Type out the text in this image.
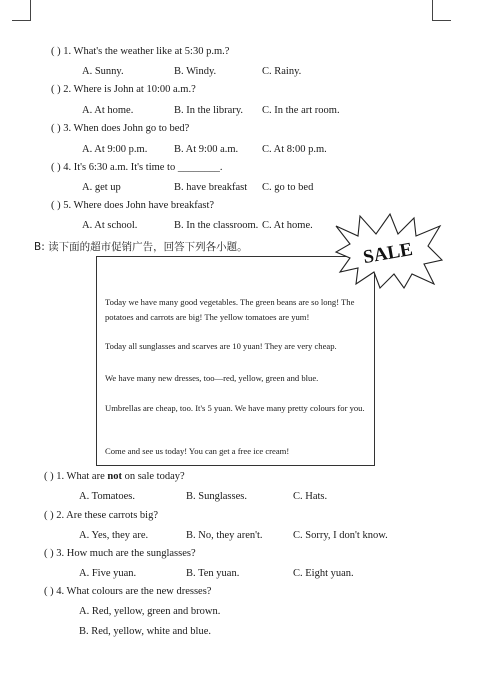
( ) 1. What's the weather like at 5:30 p.m.?
A. Sunny.	B. Windy.	C. Rainy.
( ) 2. Where is John at 10:00 a.m.?
A. At home.	B. In the library. C. In the art room.
( ) 3. When does John go to bed?
A. At 9:00 p.m.	B. At 9:00 a.m. C. At 8:00 p.m.
( ) 4. It's 6:30 a.m. It's time to ________.
A. get up	B. have breakfast C. go to bed
( ) 5. Where does John have breakfast?
A. At school.	B. In the classroom. C. At home.
B: 读下面的超市促销广告，回答下列各小题。
Today we have many good vegetables. The green beans are so long! The potatoes and carrots are big! The yellow tomatoes are yum!
Today all sunglasses and scarves are 10 yuan! They are very cheap.
We have many new dresses, too—red, yellow, green and blue.
Umbrellas are cheap, too. It's 5 yuan. We have many pretty colours for you.
Come and see us today! You can get a free ice cream!
SALE
( ) 1. What are not on sale today?
A. Tomatoes.	B. Sunglasses.	C. Hats.
( ) 2. Are these carrots big?
A. Yes, they are.	B. No, they aren't.	C. Sorry, I don't know.
( ) 3. How much are the sunglasses?
A. Five yuan.	B. Ten yuan.	C. Eight yuan.
( ) 4. What colours are the new dresses?
A. Red, yellow, green and brown.
B. Red, yellow, white and blue.
